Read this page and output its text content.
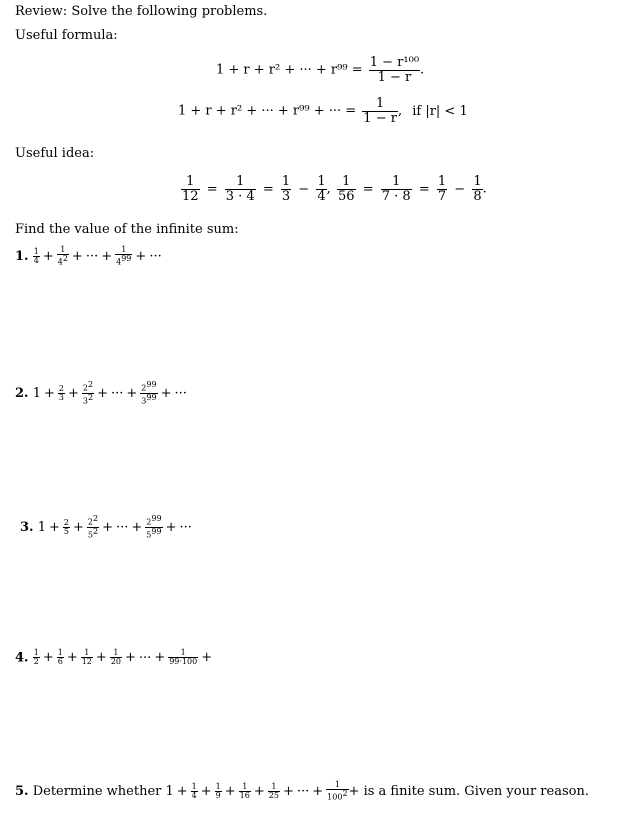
Review: Solve the following problems.
Useful formula:
1 + r + r² + ··· + $r^{99} = \frac{\text{1 − r¹⁰⁰}}{1 - r}$ .
1 + r + r² + ··· + r⁹⁹ + ··· = $\frac{1}{1 - r}$ , if |r| < 1
Useful idea:
$\frac{1}{12} = \frac{1}{3 \cdot 4} = \frac{1}{3} - \frac{1}{4}$ , $\frac{1}{56} = \frac{1}{7 \cdot 8} = \frac{1}{7} - \frac{1}{8}$ .
Find the value of the infinite sum:
1. $\frac{1}{4} + \frac{1}{4^2}$ + ··· + $\frac{1}{4^{99}}$ + ···
2. $1 + \frac{2}{3} + \frac{2^2}{3^2}$ + ··· + $\frac{2^{99}}{3^{99}}$ + ···
3. $1 + \frac{2}{5} + \frac{2^2}{5^2}$ + ··· + $\frac{2^{99}}{5^{99}}$ + ···
4. $\frac{1}{2} + \frac{1}{6} + \frac{1}{12} + \frac{1}{20}$ + ··· + $\frac{1}{99\cdot 100}$ +
5. Determine whether $1 + \frac{1}{4} + \frac{1}{9} + \frac{1}{16} + \frac{1}{25}$ + ··· + $\frac{1}{100^2}$ + is a finite sum. Given your reason.
